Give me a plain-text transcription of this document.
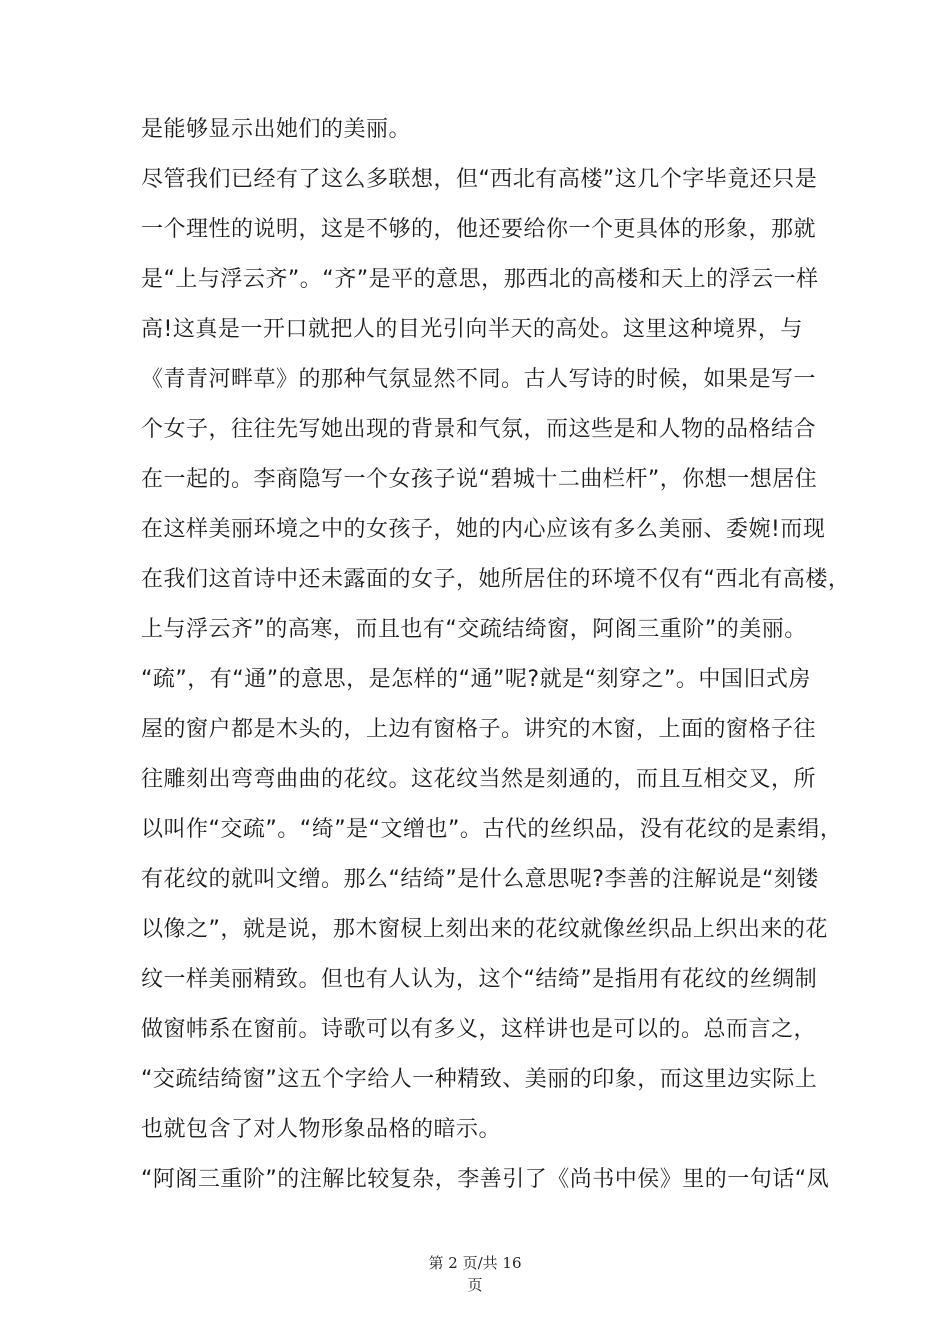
是能够显示出她们的美丽。
尽管我们已经有了这么多联想，但“西北有高楼”这几个字毕竟还只是
一个理性的说明，这是不够的，他还要给你一个更具体的形象，那就
是“上与浮云齐”。“齐”是平的意思，那西北的高楼和天上的浮云一样
高!这真是一开口就把人的目光引向半天的高处。这里这种境界，与
《青青河畔草》的那种气氛显然不同。古人写诗的时候，如果是写一
个女子，往往先写她出现的背景和气氛，而这些是和人物的品格结合
在一起的。李商隐写一个女孩子说“碧城十二曲栏杆”，你想一想居住
在这样美丽环境之中的女孩子，她的内心应该有多么美丽、委婉!而现
在我们这首诗中还未露面的女子，她所居住的环境不仅有“西北有高楼，
上与浮云齐”的高寒，而且也有“交疏结绮窗，阿阁三重阶”的美丽。
“疏”，有“通”的意思，是怎样的“通”呢?就是“刻穿之”。中国旧式房
屋的窗户都是木头的，上边有窗格子。讲究的木窗，上面的窗格子往
往雕刻出弯弯曲曲的花纹。这花纹当然是刻通的，而且互相交叉，所
以叫作“交疏”。“绮”是“文缯也”。古代的丝织品，没有花纹的是素绢，
有花纹的就叫文缯。那么“结绮”是什么意思呢?李善的注解说是“刻镂
以像之”，就是说，那木窗棂上刻出来的花纹就像丝织品上织出来的花
纹一样美丽精致。但也有人认为，这个“结绮”是指用有花纹的丝绸制
做窗帏系在窗前。诗歌可以有多义，这样讲也是可以的。总而言之，
“交疏结绮窗”这五个字给人一种精致、美丽的印象，而这里边实际上
也就包含了对人物形象品格的暗示。
“阿阁三重阶”的注解比较复杂，李善引了《尚书中侯》里的一句话“凤
第 2 页/共 16
页
